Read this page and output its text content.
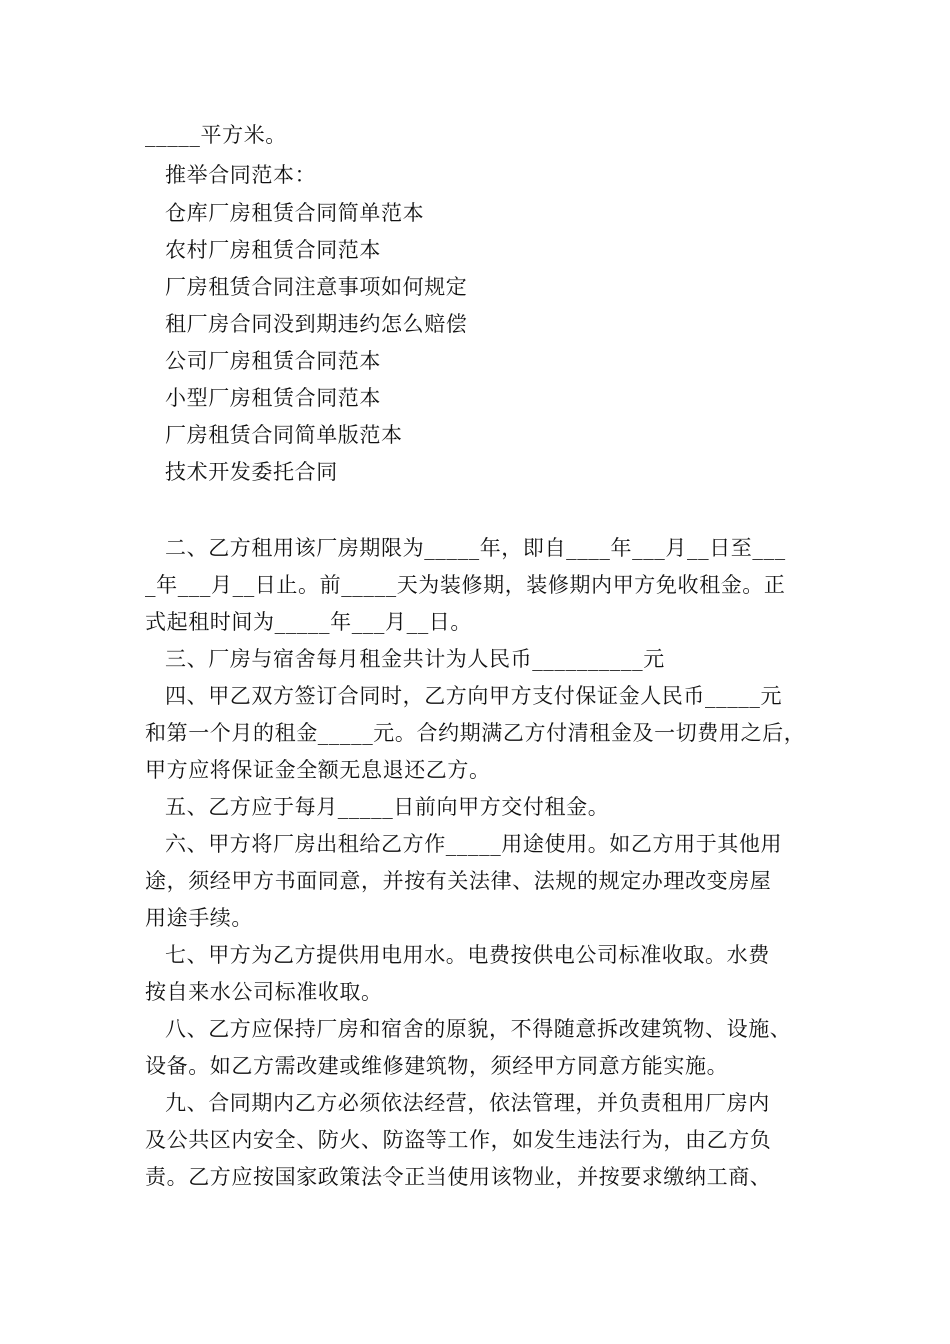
_____平方米。
推举合同范本：
仓库厂房租赁合同简单范本
农村厂房租赁合同范本
厂房租赁合同注意事项如何规定
租厂房合同没到期违约怎么赔偿
公司厂房租赁合同范本
小型厂房租赁合同范本
厂房租赁合同简单版范本
技术开发委托合同
二、乙方租用该厂房期限为_____年，即自____年___月__日至___
_年___月__日止。前_____天为装修期，装修期内甲方免收租金。正
式起租时间为_____年___月__日。
三、厂房与宿舍每月租金共计为人民币__________元
四、甲乙双方签订合同时，乙方向甲方支付保证金人民币_____元
和第一个月的租金_____元。合约期满乙方付清租金及一切费用之后，
甲方应将保证金全额无息退还乙方。
五、乙方应于每月_____日前向甲方交付租金。
六、甲方将厂房出租给乙方作_____用途使用。如乙方用于其他用
途，须经甲方书面同意，并按有关法律、法规的规定办理改变房屋
用途手续。
七、甲方为乙方提供用电用水。电费按供电公司标准收取。水费
按自来水公司标准收取。
八、乙方应保持厂房和宿舍的原貌，不得随意拆改建筑物、设施、
设备。如乙方需改建或维修建筑物，须经甲方同意方能实施。
九、合同期内乙方必须依法经营，依法管理，并负责租用厂房内
及公共区内安全、防火、防盗等工作，如发生违法行为，由乙方负
责。乙方应按国家政策法令正当使用该物业，并按要求缴纳工商、
